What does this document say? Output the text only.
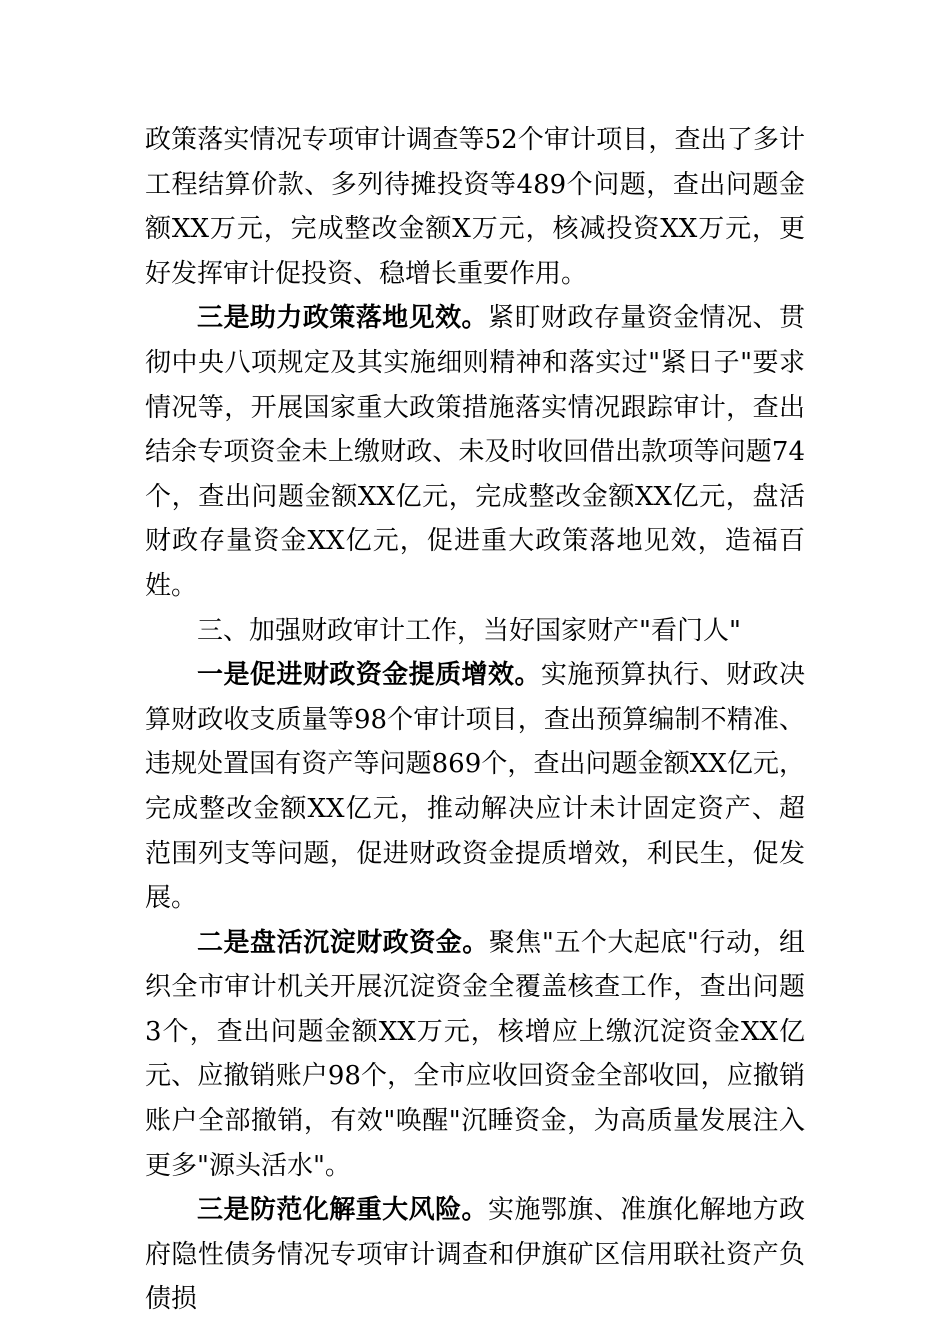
政策落实情况专项审计调查等52个审计项目，查出了多计工程结算价款、多列待摊投资等489个问题，查出问题金额XX万元，完成整改金额X万元，核减投资XX万元，更好发挥审计促投资、稳增长重要作用。

三是助力政策落地见效。紧盯财政存量资金情况、贯彻中央八项规定及其实施细则精神和落实过"紧日子"要求情况等，开展国家重大政策措施落实情况跟踪审计，查出结余专项资金未上缴财政、未及时收回借出款项等问题74个，查出问题金额XX亿元，完成整改金额XX亿元，盘活财政存量资金XX亿元，促进重大政策落地见效，造福百姓。

三、加强财政审计工作，当好国家财产"看门人"

一是促进财政资金提质增效。实施预算执行、财政决算财政收支质量等98个审计项目，查出预算编制不精准、违规处置国有资产等问题869个，查出问题金额XX亿元，完成整改金额XX亿元，推动解决应计未计固定资产、超范围列支等问题，促进财政资金提质增效，利民生，促发展。

二是盘活沉淀财政资金。聚焦"五个大起底"行动，组织全市审计机关开展沉淀资金全覆盖核查工作，查出问题3个，查出问题金额XX万元，核增应上缴沉淀资金XX亿元、应撤销账户98个，全市应收回资金全部收回，应撤销账户全部撤销，有效"唤醒"沉睡资金，为高质量发展注入更多"源头活水"。

三是防范化解重大风险。实施鄂旗、准旗化解地方政府隐性债务情况专项审计调查和伊旗矿区信用联社资产负债损
